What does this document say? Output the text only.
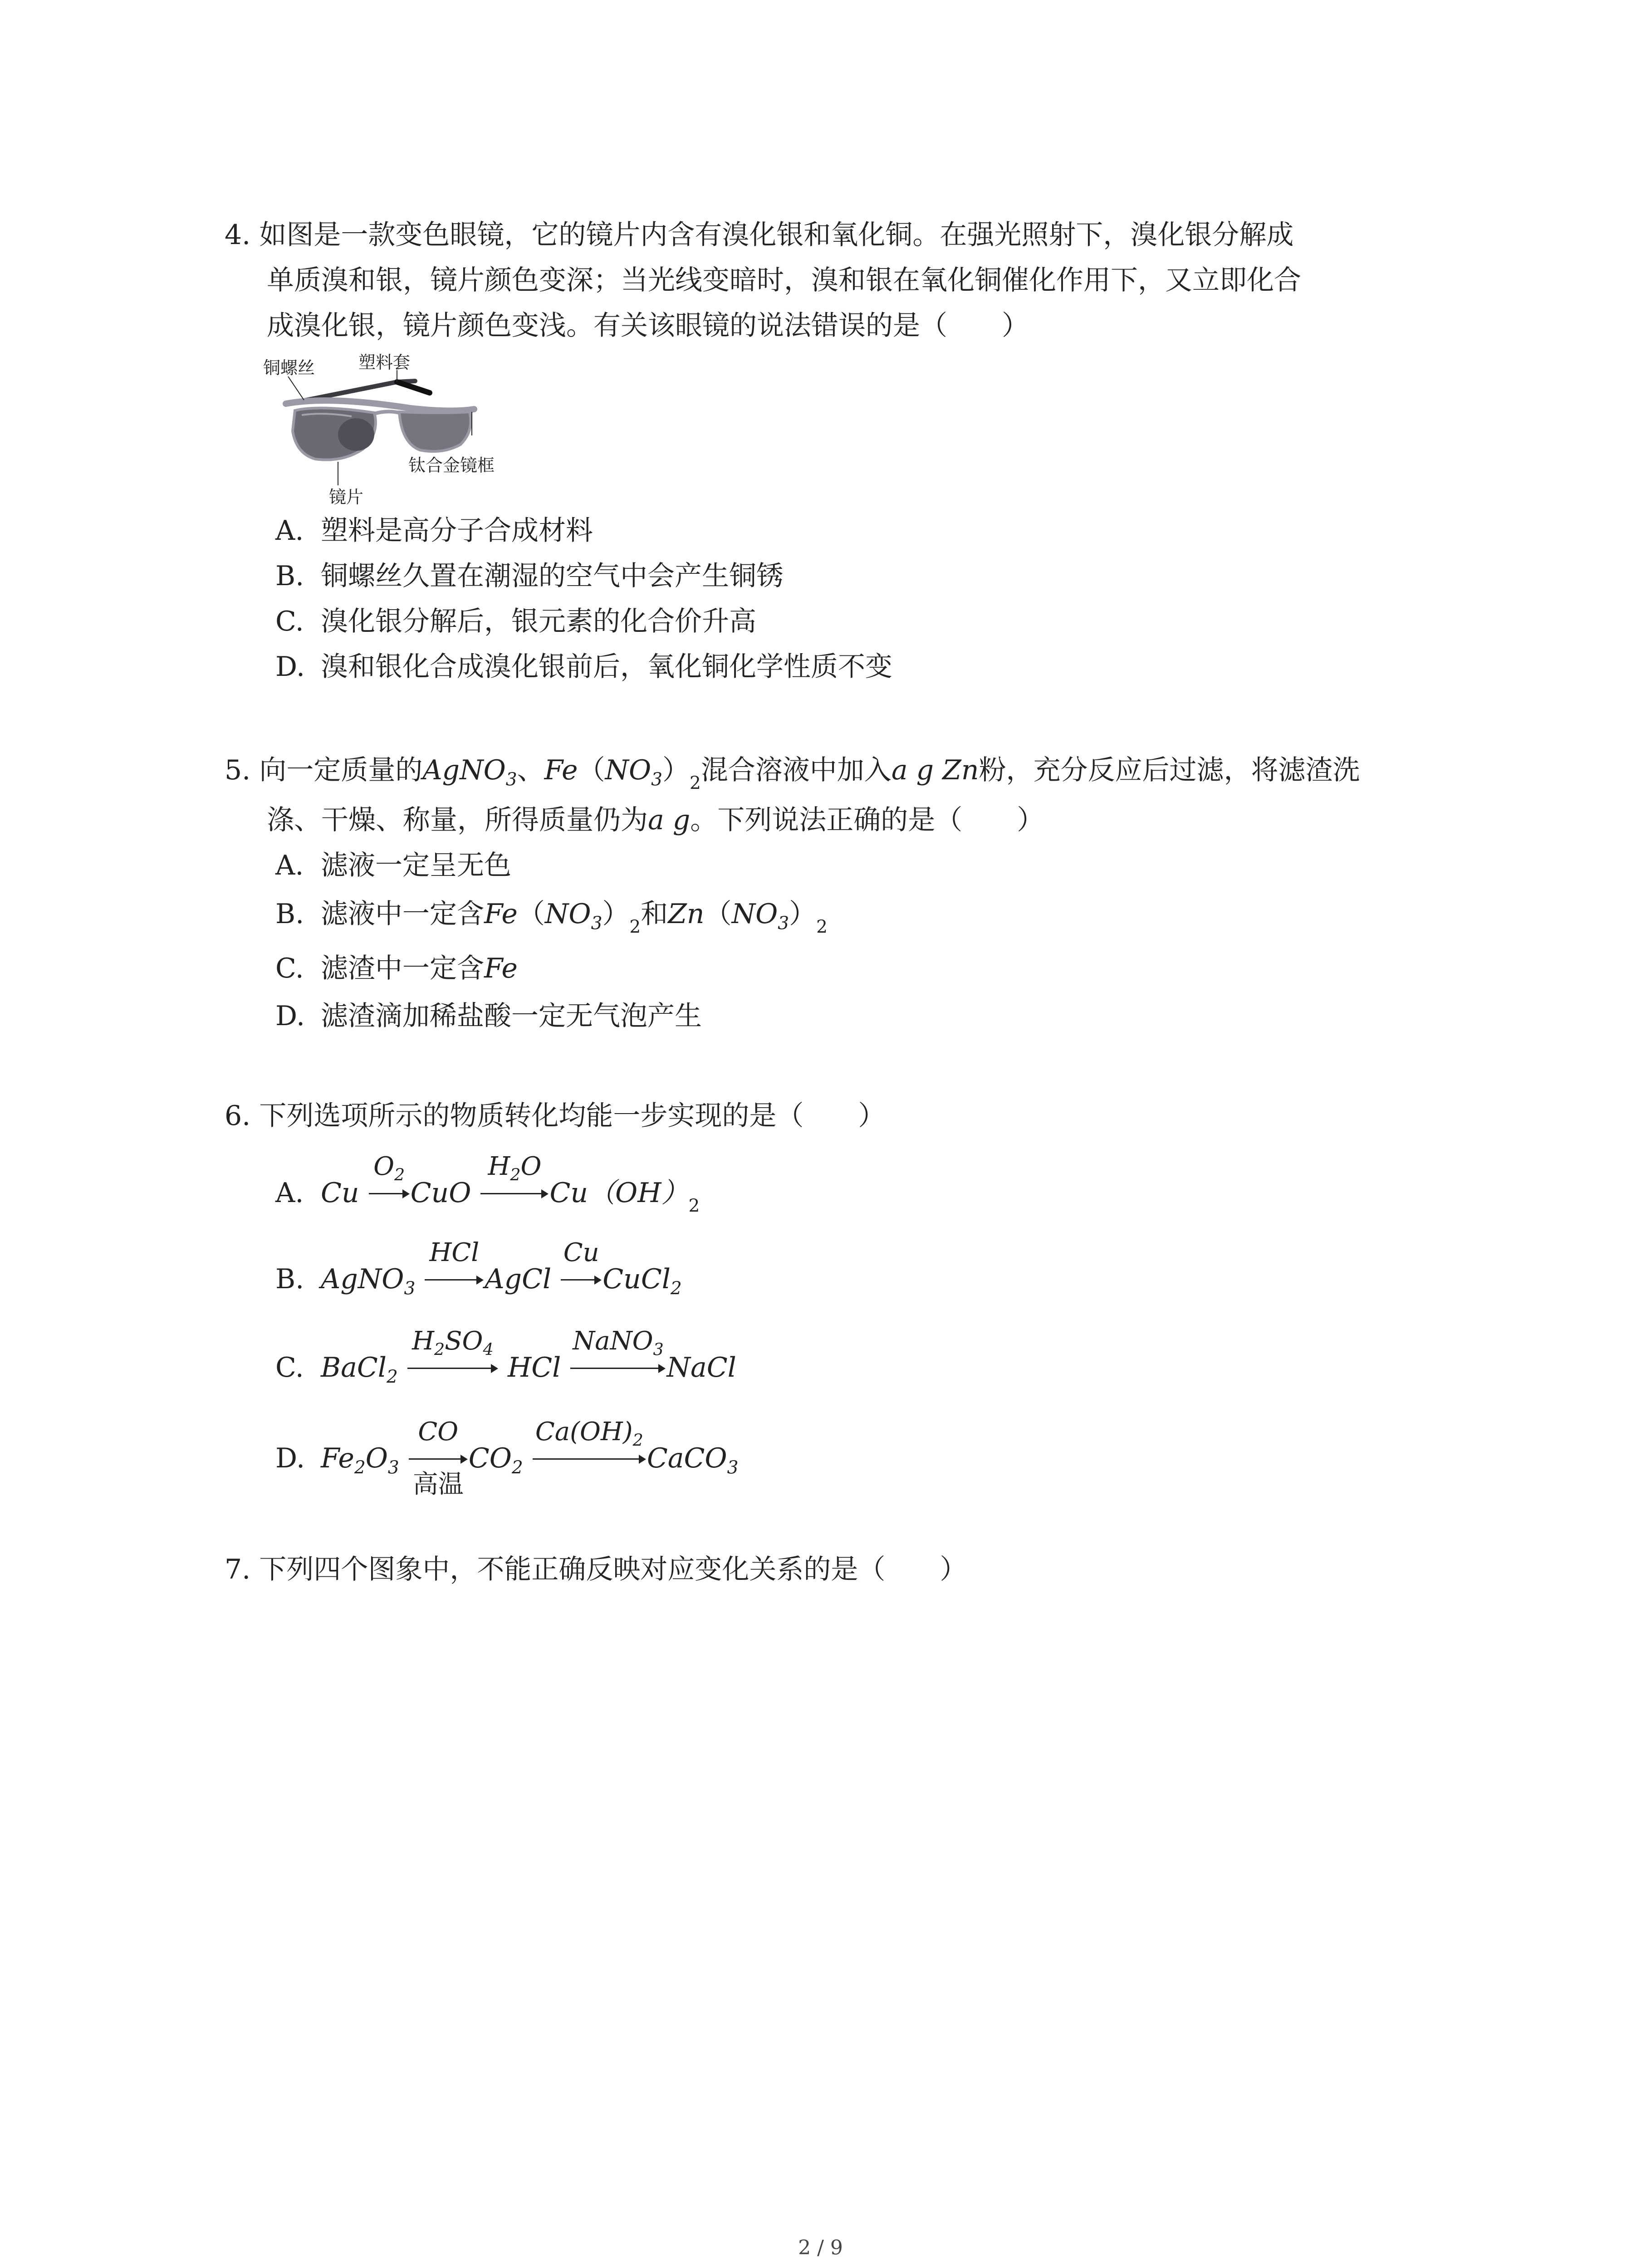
4. 如图是一款变色眼镜，它的镜片内含有溴化银和氧化铜。在强光照射下，溴化银分解成
单质溴和银，镜片颜色变深；当光线变暗时，溴和银在氧化铜催化作用下，又立即化合
成溴化银，镜片颜色变浅。有关该眼镜的说法错误的是（　　）
铜螺丝	塑料套
钛合金镜框
镜片
A. 塑料是高分子合成材料
B. 铜螺丝久置在潮湿的空气中会产生铜锈
C. 溴化银分解后，银元素的化合价升高
D. 溴和银化合成溴化银前后，氧化铜化学性质不变
5. 向一定质量的AgNO$_3$、$Fe(NO_3)_2$混合溶液中加入a g Zn粉，充分反应后过滤，将滤渣洗
涤、干燥、称量，所得质量仍为a g。下列说法正确的是（　　）
A. 滤液一定呈无色
B. 滤液中一定含$Fe(NO_3)_2$和$Zn(NO_3)_2$
C. 滤渣中一定含Fe
D. 滤渣滴加稀盐酸一定无气泡产生
6. 下列选项所示的物质转化均能一步实现的是（　　）
A. Cu
$O_2$
CuO
$H_2O$
$Cu(OH)_2$
B. AgNO$_3$
HCl
AgCl
Cu
CuCl$_2$
C. BaCl$_2$
$H_2SO_4$
HCl
NaNO$_3$
NaCl
D. $Fe_2O_3$
CO
高温
$CO_2$
$Ca(OH)_2$
CaCO$_3$
7. 下列四个图象中，不能正确反映对应变化关系的是（　　）
2 / 9
